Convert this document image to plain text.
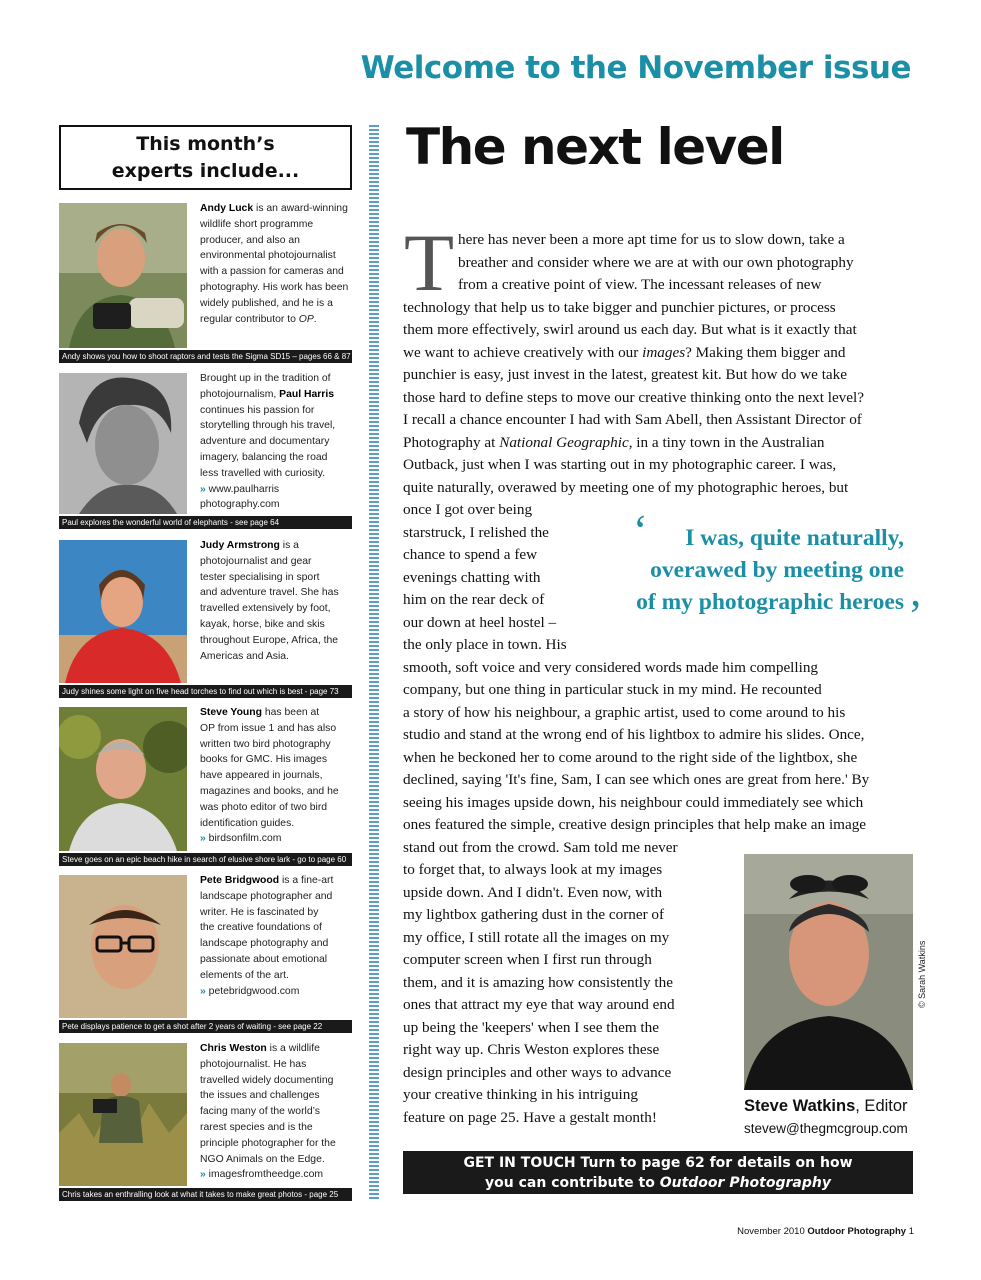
Welcome to the November issue
The next level
This month’s
experts include...
Andy Luck is an award-winning
wildlife short programme
producer, and also an
environmental photojournalist
with a passion for cameras and
photography. His work has been
widely published, and he is a
regular contributor to OP.
Andy shows you how to shoot raptors and tests the Sigma SD15 – pages 66 & 87
Brought up in the tradition of
photojournalism, Paul Harris
continues his passion for
storytelling through his travel,
adventure and documentary
imagery, balancing the road
less travelled with curiosity.
» www.paulharris
photography.com
Paul explores the wonderful world of elephants - see page 64
Judy Armstrong is a
photojournalist and gear
tester specialising in sport
and adventure travel. She has
travelled extensively by foot,
kayak, horse, bike and skis
throughout Europe, Africa, the
Americas and Asia.
Judy shines some light on five head torches to find out which is best - page 73
Steve Young has been at
OP from issue 1 and has also
written two bird photography
books for GMC. His images
have appeared in journals,
magazines and books, and he
was photo editor of two bird
identification guides.
» birdsonfilm.com
Steve goes on an epic beach hike in search of elusive shore lark - go to page 60
Pete Bridgwood is a fine-art
landscape photographer and
writer. He is fascinated by
the creative foundations of
landscape photography and
passionate about emotional
elements of the art.
» petebridgwood.com
Pete displays patience to get a shot after 2 years of waiting - see page 22
Chris Weston is a wildlife
photojournalist. He has
travelled widely documenting
the issues and challenges
facing many of the world’s
rarest species and is the
principle photographer for the
NGO Animals on the Edge.
» imagesfromtheedge.com
Chris takes an enthralling look at what it takes to make great photos - page 25
T here has never been a more apt time for us to slow down, take a
breather and consider where we are at with our own photography
from a creative point of view. The incessant releases of new
technology that help us to take bigger and punchier pictures, or process
them more effectively, swirl around us each day. But what is it exactly that
we want to achieve creatively with our images? Making them bigger and
punchier is easy, just invest in the latest, greatest kit. But how do we take
those hard to define steps to move our creative thinking onto the next level?
I recall a chance encounter I had with Sam Abell, then Assistant Director of
Photography at National Geographic, in a tiny town in the Australian
Outback, just when I was starting out in my photographic career. I was,
quite naturally, overawed by meeting one of my photographic heroes, but
once I got over being
starstruck, I relished the
chance to spend a few
evenings chatting with
him on the rear deck of
our down at heel hostel –
the only place in town. His
smooth, soft voice and very considered words made him compelling
company, but one thing in particular stuck in my mind. He recounted
a story of how his neighbour, a graphic artist, used to come around to his
studio and stand at the wrong end of his lightbox to admire his slides. Once,
when he beckoned her to come around to the right side of the lightbox, she
declined, saying 'It's fine, Sam, I can see which ones are great from here.' By
seeing his images upside down, his neighbour could immediately see which
ones featured the simple, creative design principles that help make an image
stand out from the crowd. Sam told me never
to forget that, to always look at my images
upside down. And I didn't. Even now, with
my lightbox gathering dust in the corner of
my office, I still rotate all the images on my
computer screen when I first run through
them, and it is amazing how consistently the
ones that attract my eye that way around end
up being the 'keepers' when I see them the
right way up. Chris Weston explores these
design principles and other ways to advance
your creative thinking in his intriguing
feature on page 25. Have a gestalt month!
‘ I was, quite naturally,
overawed by meeting one
of my photographic heroes ’
© Sarah Watkins
Steve Watkins, Editor
stevew@thegmcgroup.com
GET IN TOUCH Turn to page 62 for details on how
you can contribute to Outdoor Photography
November 2010 Outdoor Photography 1
